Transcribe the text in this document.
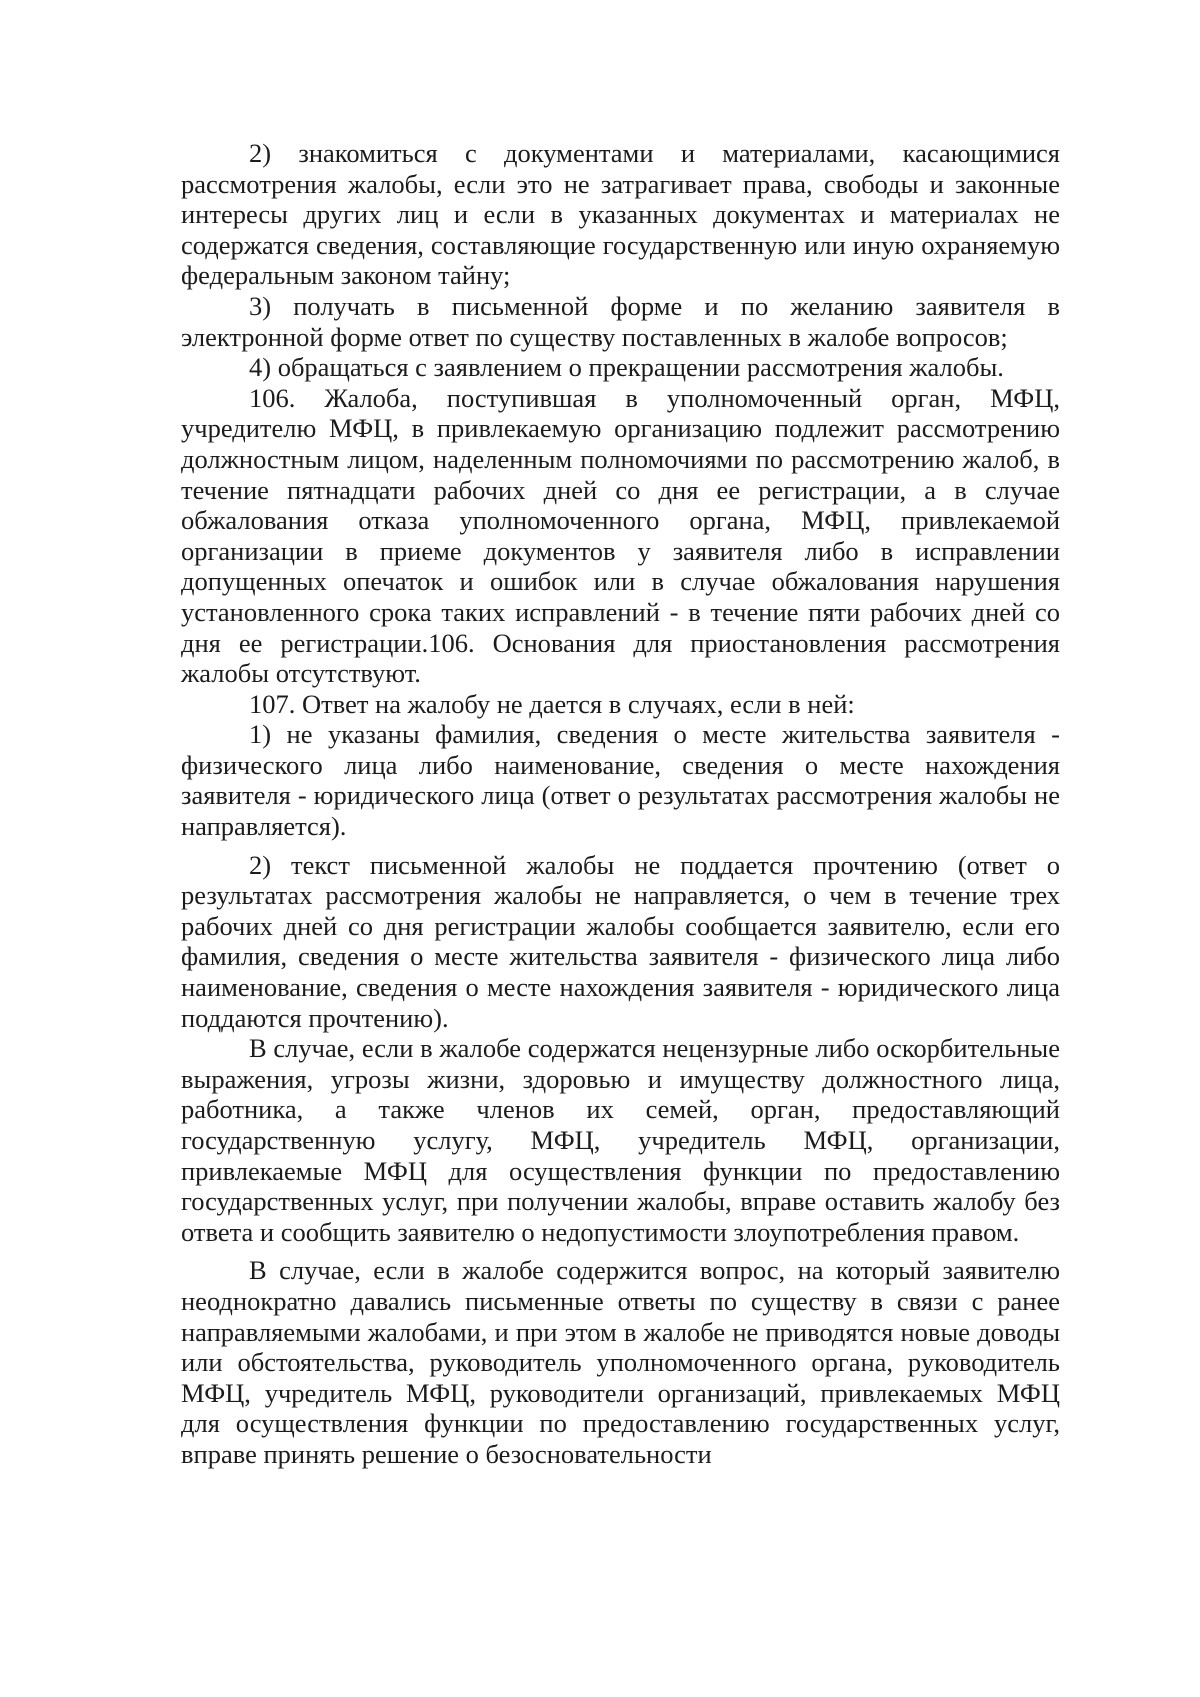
2) знакомиться с документами и материалами, касающимися рассмотрения жалобы, если это не затрагивает права, свободы и законные интересы других лиц и если в указанных документах и материалах не содержатся сведения, составляющие государственную или иную охраняемую федеральным законом тайну;

3) получать в письменной форме и по желанию заявителя в электронной форме ответ по существу поставленных в жалобе вопросов;

4) обращаться с заявлением о прекращении рассмотрения жалобы.

106. Жалоба, поступившая в уполномоченный орган, МФЦ, учредителю МФЦ, в привлекаемую организацию подлежит рассмотрению должностным лицом, наделенным полномочиями по рассмотрению жалоб, в течение пятнадцати рабочих дней со дня ее регистрации, а в случае обжалования отказа уполномоченного органа, МФЦ, привлекаемой организации в приеме документов у заявителя либо в исправлении допущенных опечаток и ошибок или в случае обжалования нарушения установленного срока таких исправлений - в течение пяти рабочих дней со дня ее регистрации.106. Основания для приостановления рассмотрения жалобы отсутствуют.

107. Ответ на жалобу не дается в случаях, если в ней:

1) не указаны фамилия, сведения о месте жительства заявителя - физического лица либо наименование, сведения о месте нахождения заявителя - юридического лица (ответ о результатах рассмотрения жалобы не направляется).

2) текст письменной жалобы не поддается прочтению (ответ о результатах рассмотрения жалобы не направляется, о чем в течение трех рабочих дней со дня регистрации жалобы сообщается заявителю, если его фамилия, сведения о месте жительства заявителя - физического лица либо наименование, сведения о месте нахождения заявителя - юридического лица поддаются прочтению).

В случае, если в жалобе содержатся нецензурные либо оскорбительные выражения, угрозы жизни, здоровью и имуществу должностного лица, работника, а также членов их семей, орган, предоставляющий государственную услугу, МФЦ, учредитель МФЦ, организации, привлекаемые МФЦ для осуществления функции по предоставлению государственных услуг, при получении жалобы, вправе оставить жалобу без ответа и сообщить заявителю о недопустимости злоупотребления правом.

В случае, если в жалобе содержится вопрос, на который заявителю неоднократно давались письменные ответы по существу в связи с ранее направляемыми жалобами, и при этом в жалобе не приводятся новые доводы или обстоятельства, руководитель уполномоченного органа, руководитель МФЦ, учредитель МФЦ, руководители организаций, привлекаемых МФЦ для осуществления функции по предоставлению государственных услуг, вправе принять решение о безосновательности
